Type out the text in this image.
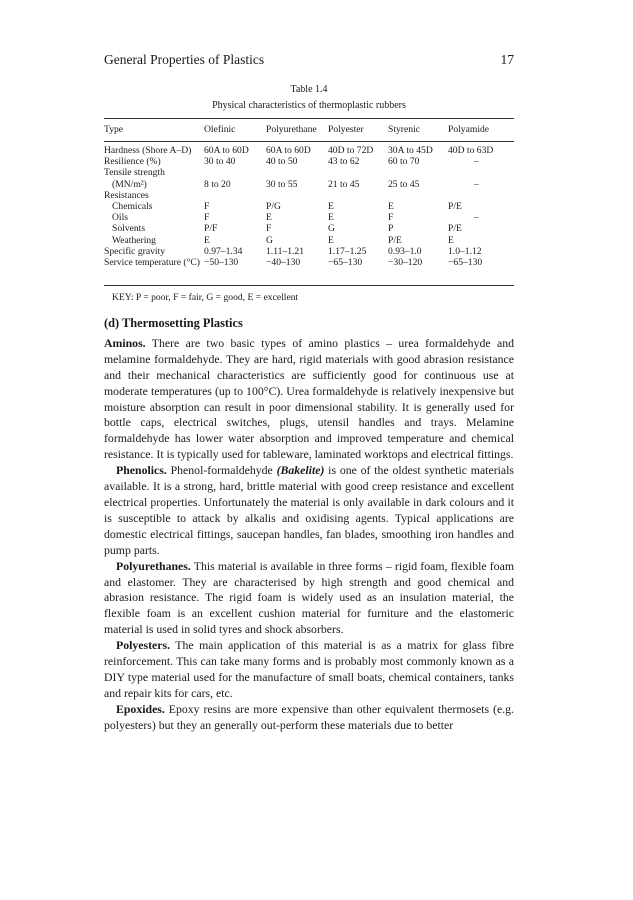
General Properties of Plastics	17
Table 1.4
Physical characteristics of thermoplastic rubbers
Type	Olefinic	Polyurethane	Polyester	Styrenic	Polyamide

Hardness (Shore A–D)	60A to 60D	60A to 60D	40D to 72D	30A to 45D	40D to 63D
Resilience (%)	30 to 40	40 to 50	43 to 62	60 to 70	–
Tensile strength					
(MN/m²)	8 to 20	30 to 55	21 to 45	25 to 45	–
Resistances					
Chemicals	F	P/G	E	E	P/E
Oils	F	E	E	F	–
Solvents	P/F	F	G	P	P/E
Weathering	E	G	E	P/E	E
Specific gravity	0.97–1.34	1.11–1.21	1.17–1.25	0.93–1.0	1.0–1.12
Service temperature (°C)	−50–130	−40–130	−65–130	−30–120	−65–130
KEY: P = poor, F = fair, G = good, E = excellent
(d) Thermosetting Plastics

Aminos. There are two basic types of amino plastics – urea formaldehyde and melamine formaldehyde. They are hard, rigid materials with good abrasion resistance and their mechanical characteristics are sufficiently good for continuous use at moderate temperatures (up to 100°C). Urea formaldehyde is relatively inexpensive but moisture absorption can result in poor dimensional stability. It is generally used for bottle caps, electrical switches, plugs, utensil handles and trays. Melamine formaldehyde has lower water absorption and improved temperature and chemical resistance. It is typically used for tableware, laminated worktops and electrical fittings.

Phenolics. Phenol-formaldehyde (Bakelite) is one of the oldest synthetic materials available. It is a strong, hard, brittle material with good creep resistance and excellent electrical properties. Unfortunately the material is only available in dark colours and it is susceptible to attack by alkalis and oxidising agents. Typical applications are domestic electrical fittings, saucepan handles, fan blades, smoothing iron handles and pump parts.

Polyurethanes. This material is available in three forms – rigid foam, flexible foam and elastomer. They are characterised by high strength and good chemical and abrasion resistance. The rigid foam is widely used as an insulation material, the flexible foam is an excellent cushion material for furniture and the elastomeric material is used in solid tyres and shock absorbers.

Polyesters. The main application of this material is as a matrix for glass fibre reinforcement. This can take many forms and is probably most commonly known as a DIY type material used for the manufacture of small boats, chemical containers, tanks and repair kits for cars, etc.

Epoxides. Epoxy resins are more expensive than other equivalent thermosets (e.g. polyesters) but they an generally out-perform these materials due to better
